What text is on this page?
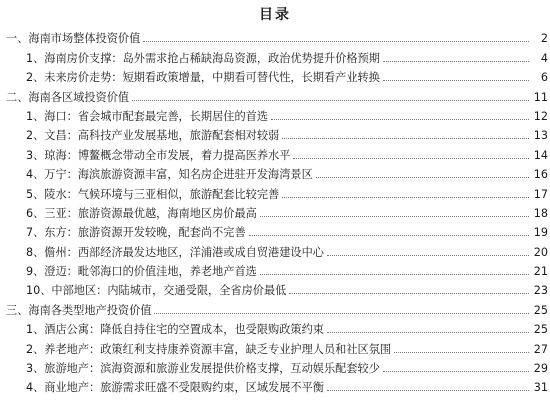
目录
一、海南市场整体投资价值	2
1、海南房价支撑：岛外需求抢占稀缺海岛资源，政治优势提升价格预期	4
2、未来房价走势：短期看政策增量，中期看可替代性，长期看产业转换	6
二、海南各区域投资价值	11
1、海口：省会城市配套最完善，长期居住的首选	12
2、文昌：高科技产业发展基地，旅游配套相对较弱	13
3、琼海：博鳌概念带动全市发展，着力提高医养水平	14
4、万宁：海滨旅游资源丰富，知名房企进驻开发海湾景区	16
5、陵水：气候环境与三亚相似，旅游配套比较完善	17
6、三亚：旅游资源最优越，海南地区房价最高	18
7、东方：旅游资源开发较晚，配套尚不完善	19
8、儋州：西部经济最发达地区，洋浦港或成自贸港建设中心	20
9、澄迈：毗邻海口的价值洼地，养老地产首选	21
10、中部地区：内陆城市，交通受限，全省房价最低	23
三、海南各类型地产投资价值	25
1、酒店公寓：降低自持住宅的空置成本，也受限购政策约束	25
2、养老地产：政策红利支持康养资源丰富，缺乏专业护理人员和社区氛围	27
3、旅游地产：滨海资源和旅游业发展提供价格支撑，互动娱乐配套较少	29
4、商业地产：旅游需求旺盛不受限购约束，区域发展不平衡	31
